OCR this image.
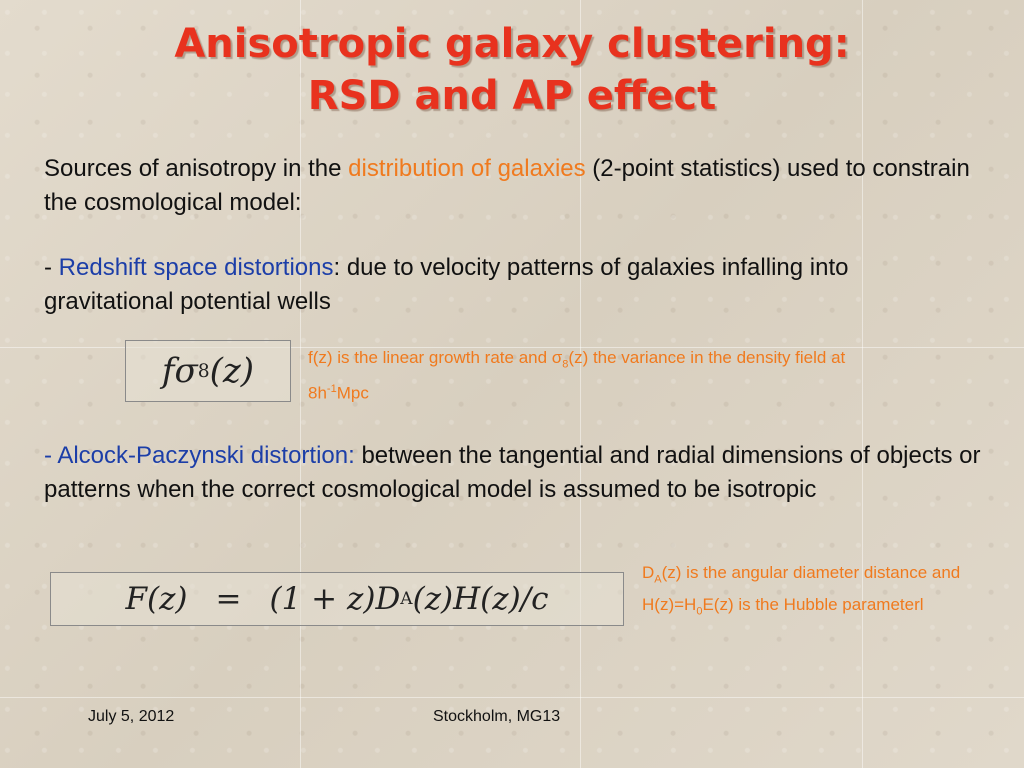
Anisotropic galaxy clustering:
RSD and AP effect
Sources of anisotropy in the distribution of galaxies (2-point statistics) used to constrain the cosmological model:
- Redshift space distortions: due to velocity patterns of galaxies infalling into gravitational potential wells
f σ 8 (z)	f(z) is the linear growth rate and $\sigma_8(z)$ the variance in the density field at $8h^{-1}Mpc$
- Alcock-Paczynski distortion: between the tangential and radial dimensions of objects or patterns when the correct cosmological model is assumed to be isotropic
F(z) = (1 + z)D A (z)H(z)/c
$D_A(z)$ is the angular diameter distance and $H(z)=H_0E(z)$ is the Hubble parameterl
July 5, 2012	Stockholm, MG13
